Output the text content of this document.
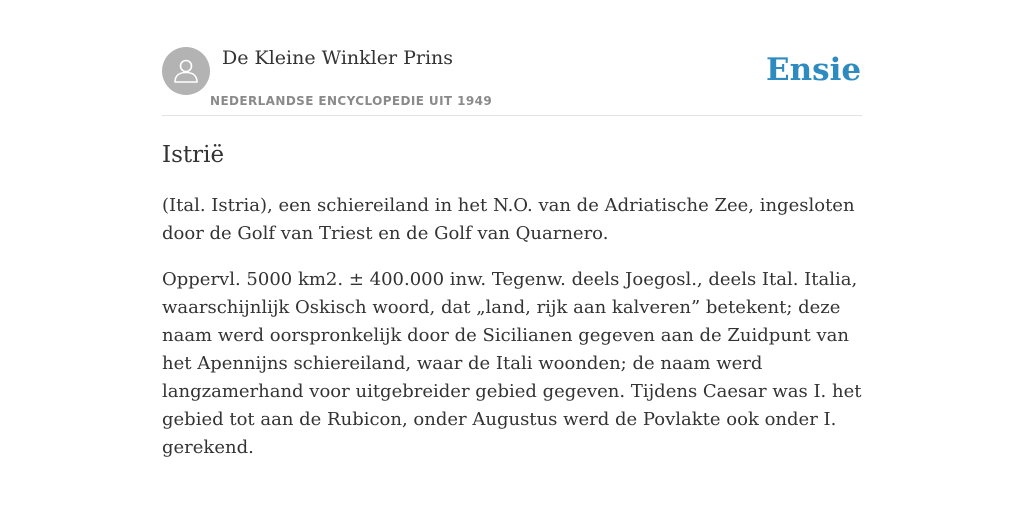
De Kleine Winkler Prins
NEDERLANDSE ENCYCLOPEDIE UIT 1949
Ensie
Istrië

(Ital. Istria), een schiereiland in het N.O. van de Adriatische Zee, ingesloten door de Golf van Triest en de Golf van Quarnero.

Oppervl. 5000 km2. ± 400.000 inw. Tegenw. deels Joegosl., deels Ital. Italia, waarschijnlijk Oskisch woord, dat „land, rijk aan kalveren” betekent; deze naam werd oorspronkelijk door de Sicilianen gegeven aan de Zuidpunt van het Apennijns schiereiland, waar de Itali woonden; de naam werd langzamerhand voor uitgebreider gebied gegeven. Tijdens Caesar was I. het gebied tot aan de Rubicon, onder Augustus werd de Povlakte ook onder I. gerekend.
